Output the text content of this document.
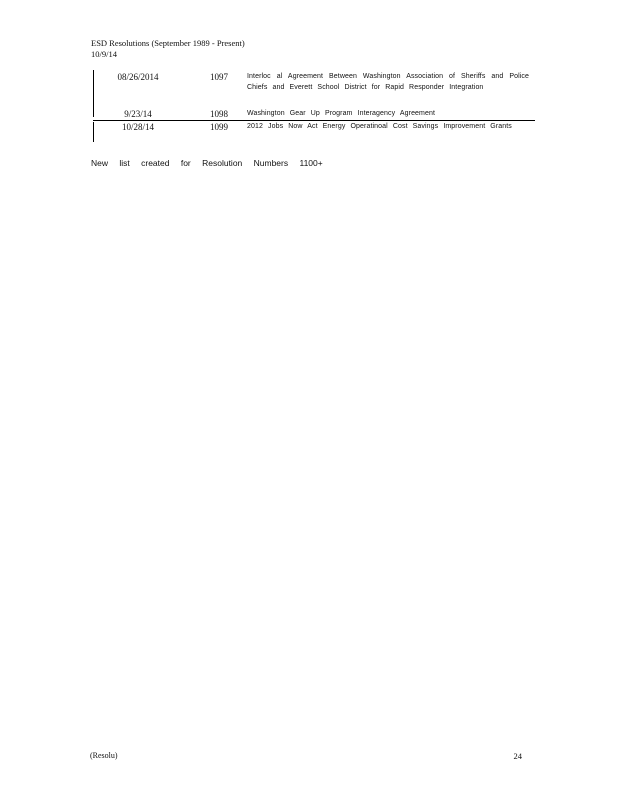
ESD Resolutions (September 1989 - Present)
10/9/14
08/26/2014	1097	Interloc al Agreement Between Washington Association of Sheriffs and Police Chiefs and Everett School District for Rapid Responder Integration
9/23/14	1098	Washington Gear Up Program Interagency Agreement
10/28/14	1099	2012 Jobs Now Act Energy Operatinoal Cost Savings Improvement Grants
New list created for Resolution Numbers 1100+
(Resolu)	24
